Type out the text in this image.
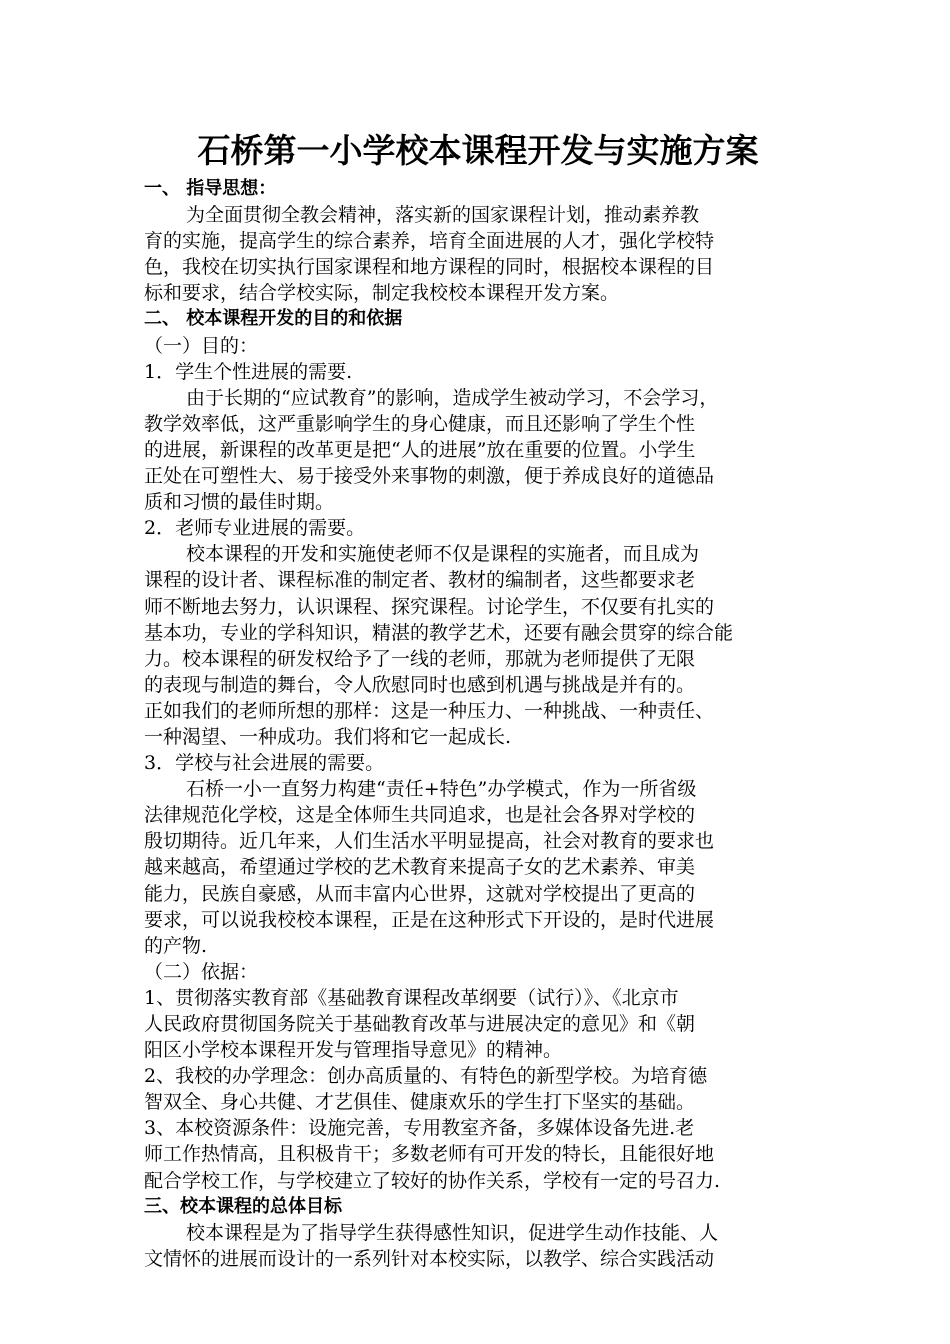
石桥第一小学校本课程开发与实施方案
一、 指导思想：
为全面贯彻全教会精神，落实新的国家课程计划，推动素养教
育的实施，提高学生的综合素养，培育全面进展的人才，强化学校特
色，我校在切实执行国家课程和地方课程的同时，根据校本课程的目
标和要求，结合学校实际，制定我校校本课程开发方案。
二、 校本课程开发的目的和依据
（一）目的：
1．学生个性进展的需要.
由于长期的“应试教育”的影响，造成学生被动学习，不会学习，
教学效率低，这严重影响学生的身心健康，而且还影响了学生个性
的进展，新课程的改革更是把“人的进展”放在重要的位置。小学生
正处在可塑性大、易于接受外来事物的刺激，便于养成良好的道德品
质和习惯的最佳时期。
2．老师专业进展的需要。
校本课程的开发和实施使老师不仅是课程的实施者，而且成为
课程的设计者、课程标准的制定者、教材的编制者，这些都要求老
师不断地去努力，认识课程、探究课程。讨论学生，不仅要有扎实的
基本功，专业的学科知识，精湛的教学艺术，还要有融会贯穿的综合能
力。校本课程的研发权给予了一线的老师，那就为老师提供了无限
的表现与制造的舞台，令人欣慰同时也感到机遇与挑战是并有的。
正如我们的老师所想的那样：这是一种压力、一种挑战、一种责任、
一种渴望、一种成功。我们将和它一起成长.
3．学校与社会进展的需要。
石桥一小一直努力构建“责任+特色”办学模式，作为一所省级
法律规范化学校，这是全体师生共同追求，也是社会各界对学校的
殷切期待。近几年来，人们生活水平明显提高，社会对教育的要求也
越来越高，希望通过学校的艺术教育来提高子女的艺术素养、审美
能力，民族自豪感，从而丰富内心世界，这就对学校提出了更高的
要求，可以说我校校本课程，正是在这种形式下开设的，是时代进展
的产物.
（二）依据：
1、贯彻落实教育部《基础教育课程改革纲要（试行）》、《北京市
人民政府贯彻国务院关于基础教育改革与进展决定的意见》和《朝
阳区小学校本课程开发与管理指导意见》的精神。
2、我校的办学理念：创办高质量的、有特色的新型学校。为培育德
智双全、身心共健、才艺俱佳、健康欢乐的学生打下坚实的基础。
3、本校资源条件：设施完善，专用教室齐备，多媒体设备先进.老
师工作热情高，且积极肯干；多数老师有可开发的特长，且能很好地
配合学校工作，与学校建立了较好的协作关系，学校有一定的号召力.
三、校本课程的总体目标
校本课程是为了指导学生获得感性知识，促进学生动作技能、人
文情怀的进展而设计的一系列针对本校实际，以教学、综合实践活动
